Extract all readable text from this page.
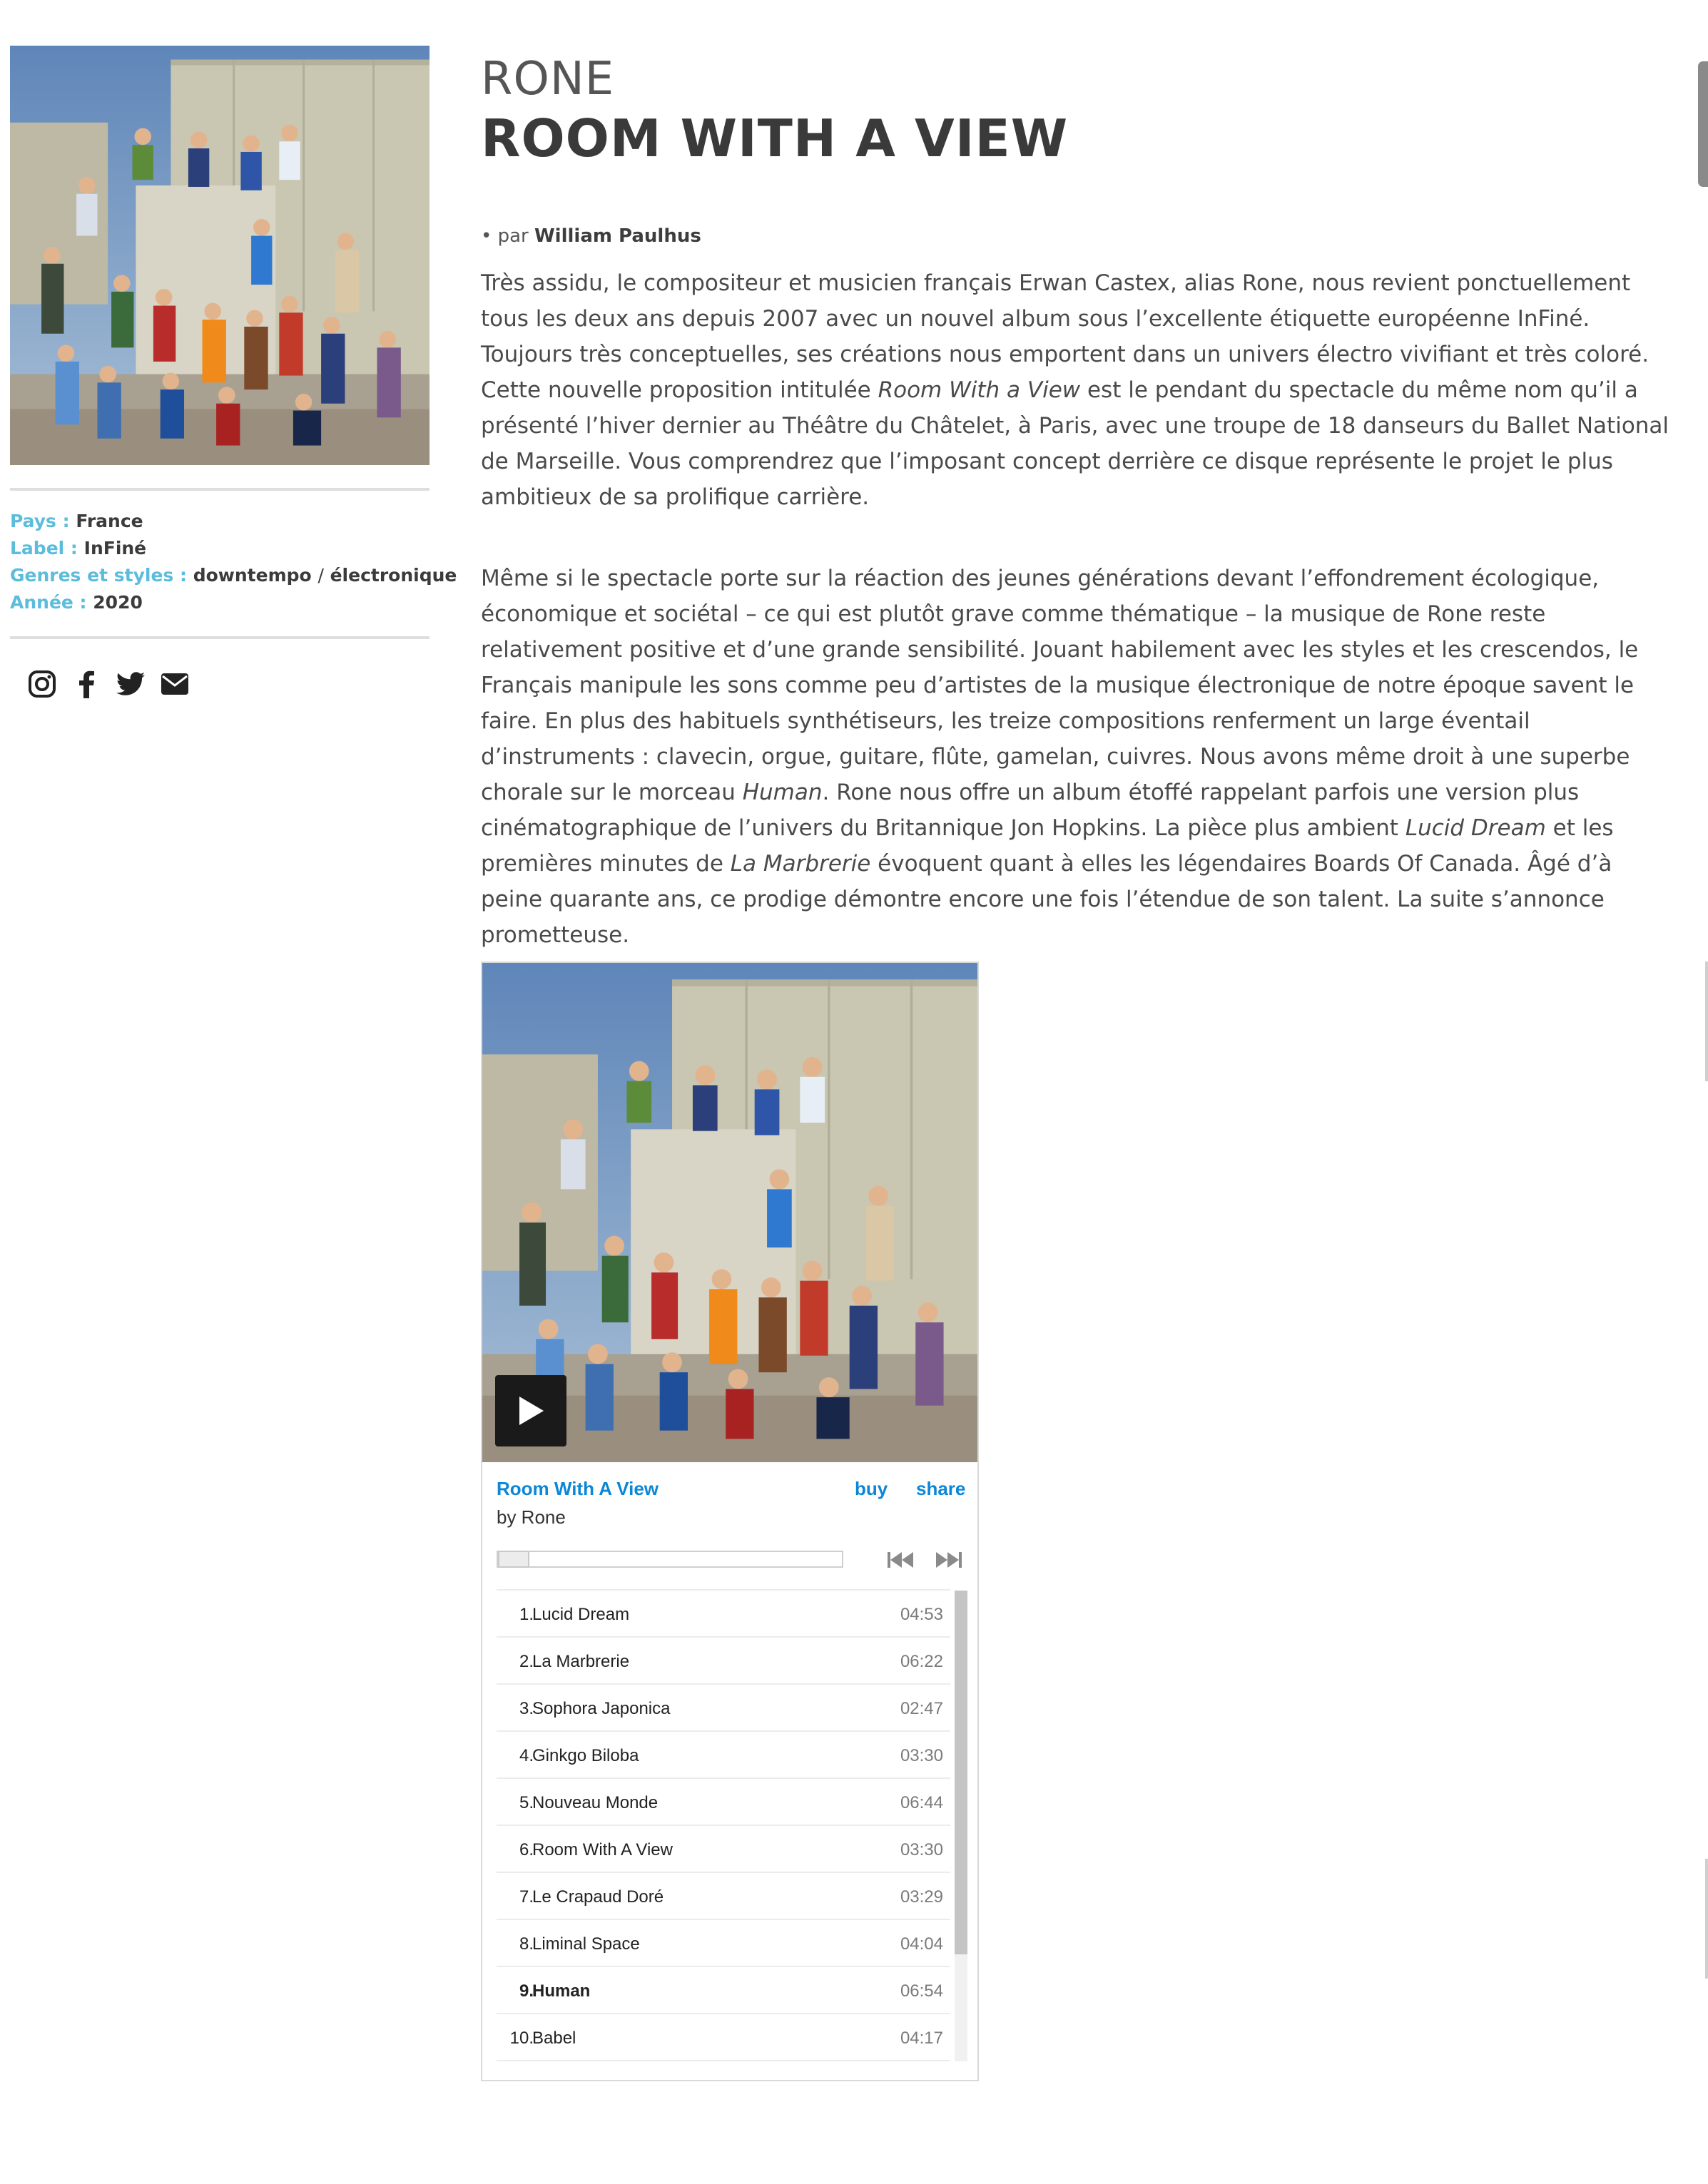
Pays : France
Label : InFiné
Genres et styles : downtempo / électronique
Année : 2020
RONE
ROOM WITH A VIEW
• par William Paulhus

Très assidu, le compositeur et musicien français Erwan Castex, alias Rone, nous revient ponctuellement tous les deux ans depuis 2007 avec un nouvel album sous l’excellente étiquette européenne InFiné. Toujours très conceptuelles, ses créations nous emportent dans un univers électro vivifiant et très coloré. Cette nouvelle proposition intitulée Room With a View est le pendant du spectacle du même nom qu’il a présenté l’hiver dernier au Théâtre du Châtelet, à Paris, avec une troupe de 18 danseurs du Ballet National de Marseille. Vous comprendrez que l’imposant concept derrière ce disque représente le projet le plus ambitieux de sa prolifique carrière.

Même si le spectacle porte sur la réaction des jeunes générations devant l’effondrement écologique, économique et sociétal – ce qui est plutôt grave comme thématique – la musique de Rone reste relativement positive et d’une grande sensibilité. Jouant habilement avec les styles et les crescendos, le Français manipule les sons comme peu d’artistes de la musique électronique de notre époque savent le faire. En plus des habituels synthétiseurs, les treize compositions renferment un large éventail d’instruments : clavecin, orgue, guitare, flûte, gamelan, cuivres. Nous avons même droit à une superbe chorale sur le morceau Human. Rone nous offre un album étoffé rappelant parfois une version plus cinématographique de l’univers du Britannique Jon Hopkins. La pièce plus ambient Lucid Dream et les premières minutes de La Marbrerie évoquent quant à elles les légendaires Boards Of Canada. Âgé d’à peine quarante ans, ce prodige démontre encore une fois l’étendue de son talent. La suite s’annonce prometteuse.

Room With A View
by Rone
buy share
1.
Lucid Dream	04:53
2.
La Marbrerie	06:22
3.
Sophora Japonica	02:47
4.
Ginkgo Biloba	03:30
5.
Nouveau Monde	06:44
6.
Room With A View	03:30
7.
Le Crapaud Doré	03:29
8.
Liminal Space	04:04
9.
Human	06:54
10.
Babel	04:17
